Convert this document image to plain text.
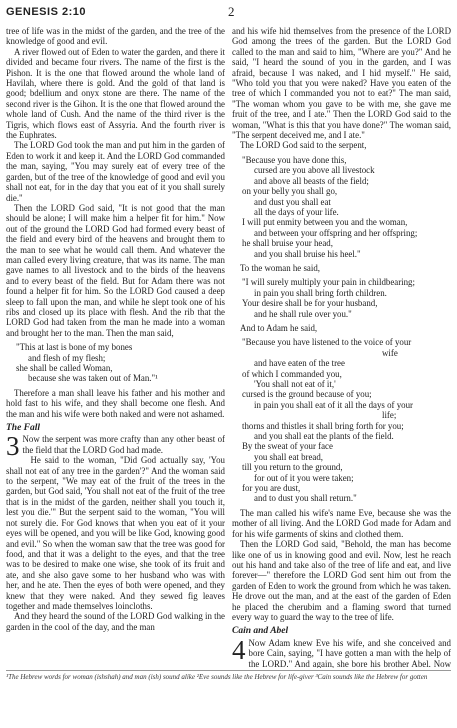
GENESIS 2:10	2

tree of life was in the midst of the garden, and the tree of the knowledge of good and evil.

A river flowed out of Eden to water the garden, and there it divided and became four rivers. The name of the first is the Pishon. It is the one that flowed around the whole land of Havilah, where there is gold. And the gold of that land is good; bdellium and onyx stone are there. The name of the second river is the Gihon. It is the one that flowed around the whole land of Cush. And the name of the third river is the Tigris, which flows east of Assyria. And the fourth river is the Euphrates.

The LORD God took the man and put him in the garden of Eden to work it and keep it. And the LORD God commanded the man, saying, "You may surely eat of every tree of the garden, but of the tree of the knowledge of good and evil you shall not eat, for in the day that you eat of it you shall surely die."

Then the LORD God said, "It is not good that the man should be alone; I will make him a helper fit for him." Now out of the ground the LORD God had formed every beast of the field and every bird of the heavens and brought them to the man to see what he would call them. And whatever the man called every living creature, that was its name. The man gave names to all livestock and to the birds of the heavens and to every beast of the field. But for Adam there was not found a helper fit for him. So the LORD God caused a deep sleep to fall upon the man, and while he slept took one of his ribs and closed up its place with flesh. And the rib that the LORD God had taken from the man he made into a woman and brought her to the man. Then the man said,

"This at last is bone of my bones
and flesh of my flesh;
she shall be called Woman,
because she was taken out of Man."¹

Therefore a man shall leave his father and his mother and hold fast to his wife, and they shall become one flesh. And the man and his wife were both naked and were not ashamed.

The Fall

3 Now the serpent was more crafty than any other beast of the field that the LORD God had made.

He said to the woman, "Did God actually say, 'You shall not eat of any tree in the garden'?" And the woman said to the serpent, "We may eat of the fruit of the trees in the garden, but God said, 'You shall not eat of the fruit of the tree that is in the midst of the garden, neither shall you touch it, lest you die.'" But the serpent said to the woman, "You will not surely die. For God knows that when you eat of it your eyes will be opened, and you will be like God, knowing good and evil." So when the woman saw that the tree was good for food, and that it was a delight to the eyes, and that the tree was to be desired to make one wise, she took of its fruit and ate, and she also gave some to her husband who was with her, and he ate. Then the eyes of both were opened, and they knew that they were naked. And they sewed fig leaves together and made themselves loincloths.

And they heard the sound of the LORD God walking in the garden in the cool of the day, and the man

and his wife hid themselves from the presence of the LORD God among the trees of the garden. But the LORD God called to the man and said to him, "Where are you?" And he said, "I heard the sound of you in the garden, and I was afraid, because I was naked, and I hid myself." He said, "Who told you that you were naked? Have you eaten of the tree of which I commanded you not to eat?" The man said, "The woman whom you gave to be with me, she gave me fruit of the tree, and I ate." Then the LORD God said to the woman, "What is this that you have done?" The woman said, "The serpent deceived me, and I ate."

The LORD God said to the serpent,

"Because you have done this,
cursed are you above all livestock
and above all beasts of the field;
on your belly you shall go,
and dust you shall eat
all the days of your life.
I will put enmity between you and the woman,
and between your offspring and her offspring;
he shall bruise your head,
and you shall bruise his heel."

To the woman he said,

"I will surely multiply your pain in childbearing;
in pain you shall bring forth children.
Your desire shall be for your husband,
and he shall rule over you."

And to Adam he said,

"Because you have listened to the voice of your
wife
and have eaten of the tree
of which I commanded you,
'You shall not eat of it,'
cursed is the ground because of you;
in pain you shall eat of it all the days of your
life;
thorns and thistles it shall bring forth for you;
and you shall eat the plants of the field.
By the sweat of your face
you shall eat bread,
till you return to the ground,
for out of it you were taken;
for you are dust,
and to dust you shall return."

The man called his wife's name Eve, because she was the mother of all living. And the LORD God made for Adam and for his wife garments of skins and clothed them.

Then the LORD God said, "Behold, the man has become like one of us in knowing good and evil. Now, lest he reach out his hand and take also of the tree of life and eat, and live forever—" therefore the LORD God sent him out from the garden of Eden to work the ground from which he was taken. He drove out the man, and at the east of the garden of Eden he placed the cherubim and a flaming sword that turned every way to guard the way to the tree of life.

Cain and Abel

4 Now Adam knew Eve his wife, and she conceived and bore Cain, saying, "I have gotten a man with the help of the LORD." And again, she bore his brother Abel. Now

¹The Hebrew words for woman (ishshah) and man (ish) sound alike ²Eve sounds like the Hebrew for life-giver ³Cain sounds like the Hebrew for gotten
